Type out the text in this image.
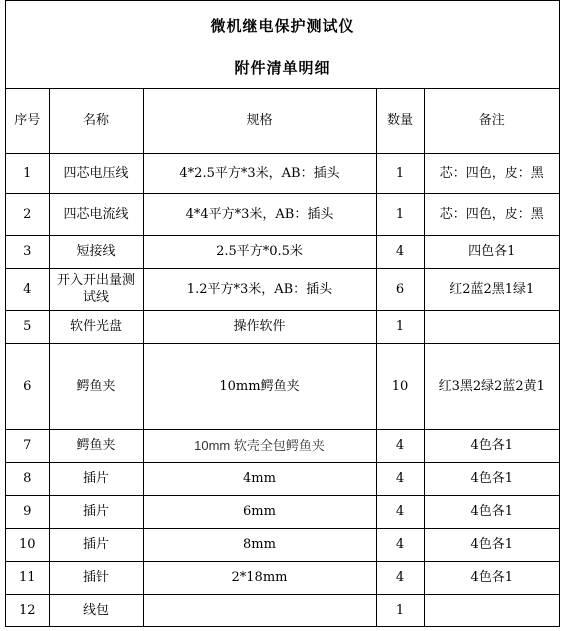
微机继电保护测试仪
附件清单明细
序号	名称	规格	数量	备注
1	四芯电压线	4*2.5平方*3米，AB：插头	1	芯：四色，皮：黑
2	四芯电流线	4*4平方*3米，AB：插头	1	芯：四色，皮：黑
3	短接线	2.5平方*0.5米	4	四色各1
4	开入开出量测试线	1.2平方*3米，AB：插头	6	红2蓝2黑1绿1
5	软件光盘	操作软件	1	
6	鳄鱼夹	10mm鳄鱼夹	10	红3黑2绿2蓝2黄1
7	鳄鱼夹	10mm 软壳全包鳄鱼夹	4	4色各1
8	插片	4mm	4	4色各1
9	插片	6mm	4	4色各1
10	插片	8mm	4	4色各1
11	插针	2*18mm	4	4色各1
12	线包		1	
